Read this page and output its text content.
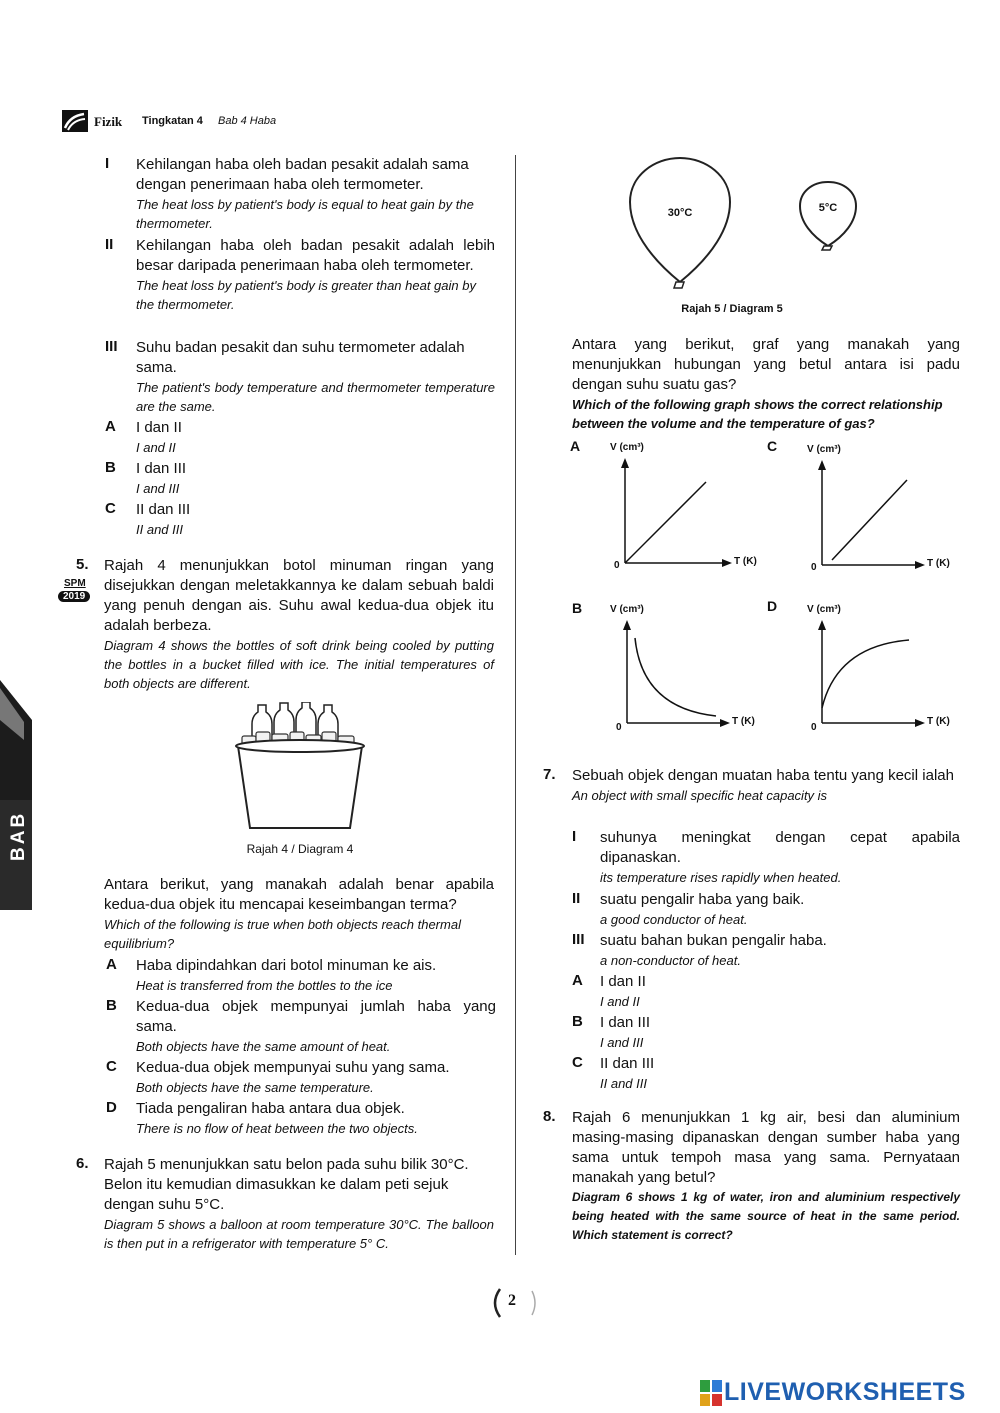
Fizik Tingkatan 4 Bab 4 Haba
BAB
I Kehilangan haba oleh badan pesakit adalah sama dengan penerimaan haba oleh termometer.
The heat loss by patient's body is equal to heat gain by the thermometer.
II Kehilangan haba oleh badan pesakit adalah lebih besar daripada penerimaan haba oleh termometer.
The heat loss by patient's body is greater than heat gain by the thermometer.
III Suhu badan pesakit dan suhu termometer adalah sama.
The patient's body temperature and thermometer temperature are the same.
A I dan II
I and II
B I dan III
I and III
C II dan III
II and III
5.
SPM
2019
Rajah 4 menunjukkan botol minuman ringan yang disejukkan dengan meletakkannya ke dalam sebuah baldi yang penuh dengan ais. Suhu awal kedua-dua objek itu adalah berbeza.
Diagram 4 shows the bottles of soft drink being cooled by putting the bottles in a bucket filled with ice. The initial temperatures of both objects are different.
Rajah 4 / Diagram 4
Antara berikut, yang manakah adalah benar apabila kedua-dua objek itu mencapai keseimbangan terma?
Which of the following is true when both objects reach thermal equilibrium?
A Haba dipindahkan dari botol minuman ke ais.
Heat is transferred from the bottles to the ice
B Kedua-dua objek mempunyai jumlah haba yang sama.
Both objects have the same amount of heat.
C Kedua-dua objek mempunyai suhu yang sama.
Both objects have the same temperature.
D Tiada pengaliran haba antara dua objek.
There is no flow of heat between the two objects.
6. Rajah 5 menunjukkan satu belon pada suhu bilik 30°C. Belon itu kemudian dimasukkan ke dalam peti sejuk dengan suhu 5°C.
Diagram 5 shows a balloon at room temperature 30°C. The balloon is then put in a refrigerator with temperature 5° C.
30°C	5°C
Rajah 5 / Diagram 5
Antara yang berikut, graf yang manakah yang menunjukkan hubungan yang betul antara isi padu dengan suhu suatu gas?
Which of the following graph shows the correct relationship between the volume and the temperature of gas?
A	V (cm³)
0	T (K)
C	V (cm³)
0	T (K)
B	V (cm³)
0
T (K)
D	V (cm³)
0
T (K)
7. Sebuah objek dengan muatan haba tentu yang kecil ialah
An object with small specific heat capacity is
I suhunya meningkat dengan cepat apabila dipanaskan.
its temperature rises rapidly when heated.
II suatu pengalir haba yang baik.
a good conductor of heat.
III suatu bahan bukan pengalir haba.
a non-conductor of heat.
A I dan II
I and II
B I dan III
I and III
C II dan III
II and III
8. Rajah 6 menunjukkan 1 kg air, besi dan aluminium masing-masing dipanaskan dengan sumber haba yang sama untuk tempoh masa yang sama. Pernyataan manakah yang betul?
Diagram 6 shows 1 kg of water, iron and aluminium respectively being heated with the same source of heat in the same period. Which statement is correct?
2
LIVEWORKSHEETS
